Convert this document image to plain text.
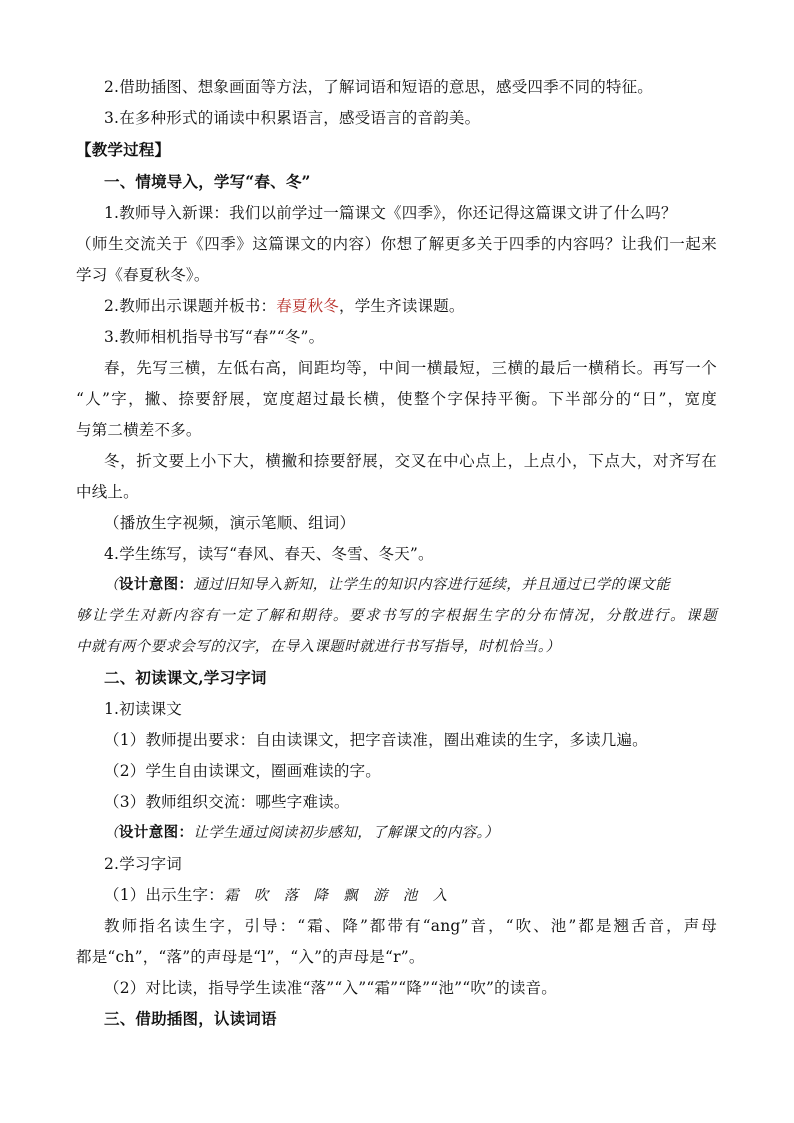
2.借助插图、想象画面等方法，了解词语和短语的意思，感受四季不同的特征。
3.在多种形式的诵读中积累语言，感受语言的音韵美。
【教学过程】
一、情境导入，学写“春、冬”
1.教师导入新课：我们以前学过一篇课文《四季》，你还记得这篇课文讲了什么吗？
（师生交流关于《四季》这篇课文的内容）你想了解更多关于四季的内容吗？让我们一起来
学习《春夏秋冬》。
2.教师出示课题并板书：春夏秋冬，学生齐读课题。
3.教师相机指导书写“春”“冬”。
春，先写三横，左低右高，间距均等，中间一横最短，三横的最后一横稍长。再写一个
“人”字，撇、捺要舒展，宽度超过最长横，使整个字保持平衡。下半部分的“日”，宽度
与第二横差不多。
冬，折文要上小下大，横撇和捺要舒展，交叉在中心点上，上点小，下点大，对齐写在
中线上。
（播放生字视频，演示笔顺、组词）
4.学生练写，读写“春风、春天、冬雪、冬天”。
（设计意图：通过旧知导入新知，让学生的知识内容进行延续，并且通过已学的课文能
够让学生对新内容有一定了解和期待。要求书写的字根据生字的分布情况，分散进行。课题
中就有两个要求会写的汉字，在导入课题时就进行书写指导，时机恰当。）
二、初读课文,学习字词
1.初读课文
（1）教师提出要求：自由读课文，把字音读准，圈出难读的生字，多读几遍。
（2）学生自由读课文，圈画难读的字。
（3）教师组织交流：哪些字难读。
（设计意图：让学生通过阅读初步感知，了解课文的内容。）
2.学习字词
（1）出示生字：霜　吹　落　降　飘　游　池　入
教师指名读生字，引导：“霜、降”都带有“ang”音，“吹、池”都是翘舌音，声母
都是“ch”，“落”的声母是“l”，“入”的声母是“r”。
（2）对比读，指导学生读准“落”“入”“霜”“降”“池”“吹”的读音。
三、借助插图，认读词语
